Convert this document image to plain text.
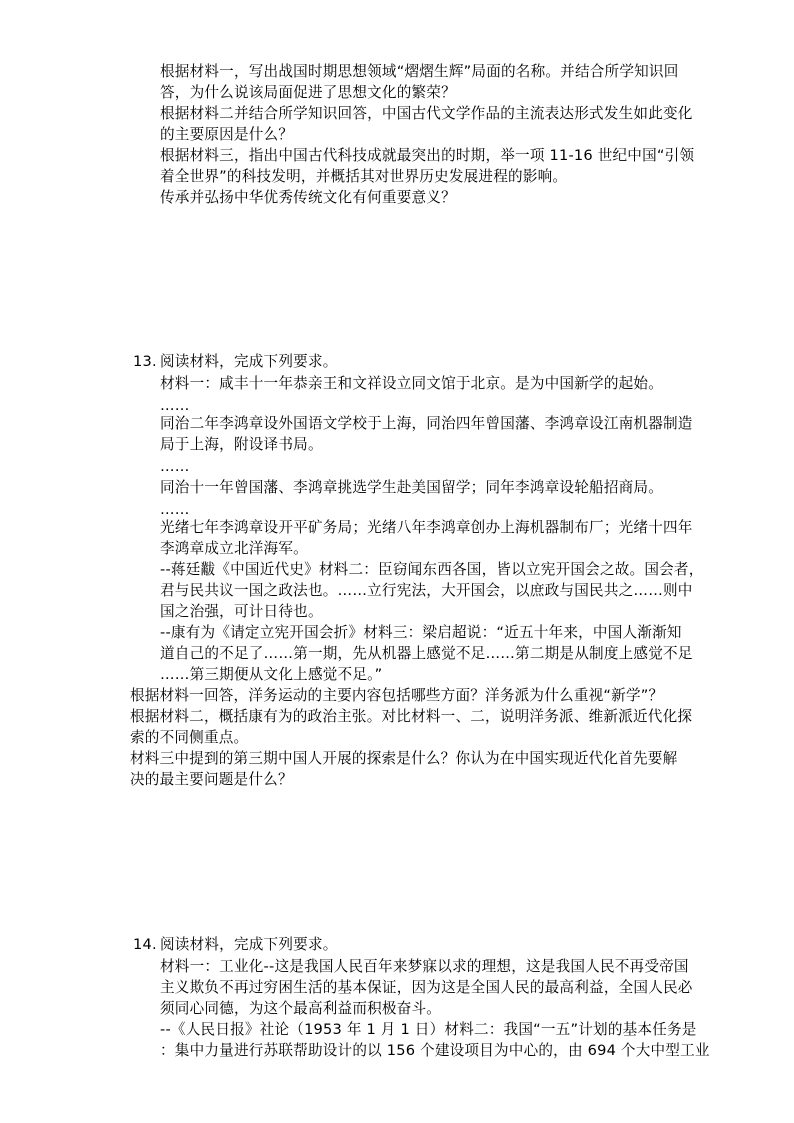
根据材料一，写出战国时期思想领域“熠熠生辉”局面的名称。并结合所学知识回
答，为什么说该局面促进了思想文化的繁荣？
根据材料二并结合所学知识回答，中国古代文学作品的主流表达形式发生如此变化
的主要原因是什么？
根据材料三，指出中国古代科技成就最突出的时期，举一项 11-16 世纪中国“引领
着全世界”的科技发明，并概括其对世界历史发展进程的影响。
传承并弘扬中华优秀传统文化有何重要意义？
13. 阅读材料，完成下列要求。
材料一：咸丰十一年恭亲王和文祥设立同文馆于北京。是为中国新学的起始。
……
同治二年李鸿章设外国语文学校于上海，同治四年曾国藩、李鸿章设江南机器制造
局于上海，附设译书局。
……
同治十一年曾国藩、李鸿章挑选学生赴美国留学；同年李鸿章设轮船招商局。
……
光绪七年李鸿章设开平矿务局；光绪八年李鸿章创办上海机器制布厂；光绪十四年
李鸿章成立北洋海军。
--蒋廷黻《中国近代史》材料二：臣窃闻东西各国，皆以立宪开国会之故。国会者，
君与民共议一国之政法也。……立行宪法，大开国会，以庶政与国民共之……则中
国之治强，可计日待也。
--康有为《请定立宪开国会折》材料三：梁启超说：“近五十年来，中国人渐渐知
道自己的不足了……第一期，先从机器上感觉不足……第二期是从制度上感觉不足
……第三期便从文化上感觉不足。”
根据材料一回答，洋务运动的主要内容包括哪些方面？洋务派为什么重视“新学”？
根据材料二，概括康有为的政治主张。对比材料一、二，说明洋务派、维新派近代化探
索的不同侧重点。
材料三中提到的第三期中国人开展的探索是什么？你认为在中国实现近代化首先要解
决的最主要问题是什么？
14. 阅读材料，完成下列要求。
材料一：工业化--这是我国人民百年来梦寐以求的理想，这是我国人民不再受帝国
主义欺负不再过穷困生活的基本保证，因为这是全国人民的最高利益，全国人民必
须同心同德，为这个最高利益而积极奋斗。
--《人民日报》社论（1953 年 1 月 1 日）材料二：我国“一五”计划的基本任务是
：集中力量进行苏联帮助设计的以 156 个建设项目为中心的，由 694 个大中型工业
